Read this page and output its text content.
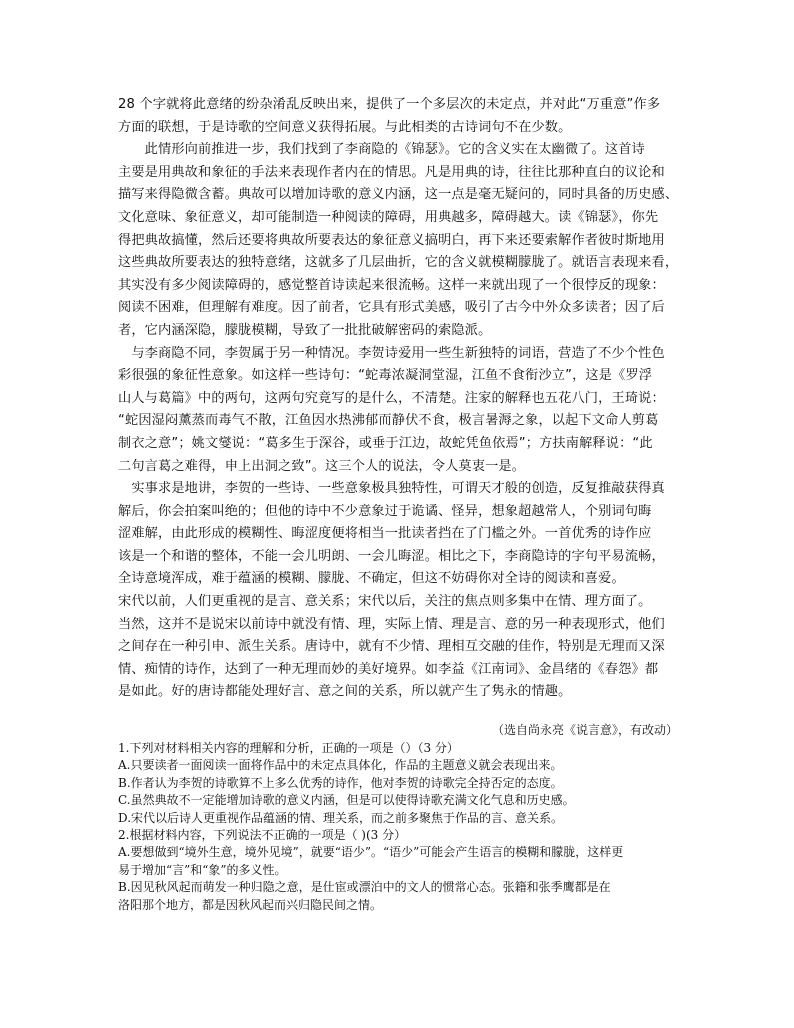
28 个字就将此意绪的纷杂淆乱反映出来，提供了一个多层次的未定点，并对此“万重意”作多
方面的联想，于是诗歌的空间意义获得拓展。与此相类的古诗词句不在少数。
　　此情形向前推进一步，我们找到了李商隐的《锦瑟》。它的含义实在太幽微了。这首诗
主要是用典故和象征的手法来表现作者内在的情思。凡是用典的诗，往往比那种直白的议论和
描写来得隐微含蓄。典故可以增加诗歌的意义内涵，这一点是毫无疑问的，同时具备的历史感、
文化意味、象征意义，却可能制造一种阅读的障碍，用典越多，障碍越大。读《锦瑟》，你先
得把典故搞懂，然后还要将典故所要表达的象征意义搞明白，再下来还要索解作者彼时斯地用
这些典故所要表达的独特意绪，这就多了几层曲折，它的含义就模糊朦胧了。就语言表现来看，
其实没有多少阅读障碍的，感觉整首诗读起来很流畅。这样一来就出现了一个很悖反的现象：
阅读不困难，但理解有难度。因了前者，它具有形式美感，吸引了古今中外众多读者；因了后
者，它内涵深隐，朦胧模糊，导致了一批批破解密码的索隐派。
　与李商隐不同，李贺属于另一种情况。李贺诗爱用一些生新独特的词语，营造了不少个性色
彩很强的象征性意象。如这样一些诗句：“蛇毒浓凝洞堂湿，江鱼不食衔沙立”，这是《罗浮
山人与葛篇》中的两句，这两句究竟写的是什么，不清楚。注家的解释也五花八门，王琦说：
“蛇因湿闷薰蒸而毒气不散，江鱼因水热沸郁而静伏不食，极言暑溽之象，以起下文命人剪葛
制衣之意”；姚文燮说：“葛多生于深谷，或垂于江边，故蛇凭鱼依焉”；方扶南解释说：“此
二句言葛之难得，申上出洞之致”。这三个人的说法，令人莫衷一是。
　实事求是地讲，李贺的一些诗、一些意象极具独特性，可谓天才般的创造，反复推敲获得真
解后，你会拍案叫绝的；但他的诗中不少意象过于诡谲、怪异，想象超越常人，个别词句晦
涩难解，由此形成的模糊性、晦涩度便将相当一批读者挡在了门槛之外。一首优秀的诗作应
该是一个和谐的整体，不能一会儿明朗、一会儿晦涩。相比之下，李商隐诗的字句平易流畅，
全诗意境浑成，难于蕴涵的模糊、朦胧、不确定，但这不妨碍你对全诗的阅读和喜爱。
宋代以前，人们更重视的是言、意关系；宋代以后，关注的焦点则多集中在情、理方面了。
当然，这并不是说宋以前诗中就没有情、理，实际上情、理是言、意的另一种表现形式，他们
之间存在一种引申、派生关系。唐诗中，就有不少情、理相互交融的佳作，特别是无理而又深
情、痴情的诗作，达到了一种无理而妙的美好境界。如李益《江南词》、金昌绪的《春怨》都
是如此。好的唐诗都能处理好言、意之间的关系，所以就产生了隽永的情趣。
（选自尚永亮《说言意》，有改动）
1.下列对材料相关内容的理解和分析，正确的一项是（）（3 分）
A.只要读者一面阅读一面将作品中的未定点具体化，作品的主题意义就会表现出来。
B.作者认为李贺的诗歌算不上多么优秀的诗作，他对李贺的诗歌完全持否定的态度。
C.虽然典故不一定能增加诗歌的意义内涵，但是可以使得诗歌充满文化气息和历史感。
D.宋代以后诗人更重视作品蕴涵的情、理关系，而之前多聚焦于作品的言、意关系。
2.根据材料内容，下列说法不正确的一项是（ )(3 分）
A.要想做到“境外生意，境外见境”，就要“语少”。“语少”可能会产生语言的模糊和朦胧，这样更
易于增加“言”和“象”的多义性。
B.因见秋风起而萌发一种归隐之意，是仕宦或漂泊中的文人的惯常心态。张籍和张季鹰都是在
洛阳那个地方，都是因秋风起而兴归隐民间之情。
